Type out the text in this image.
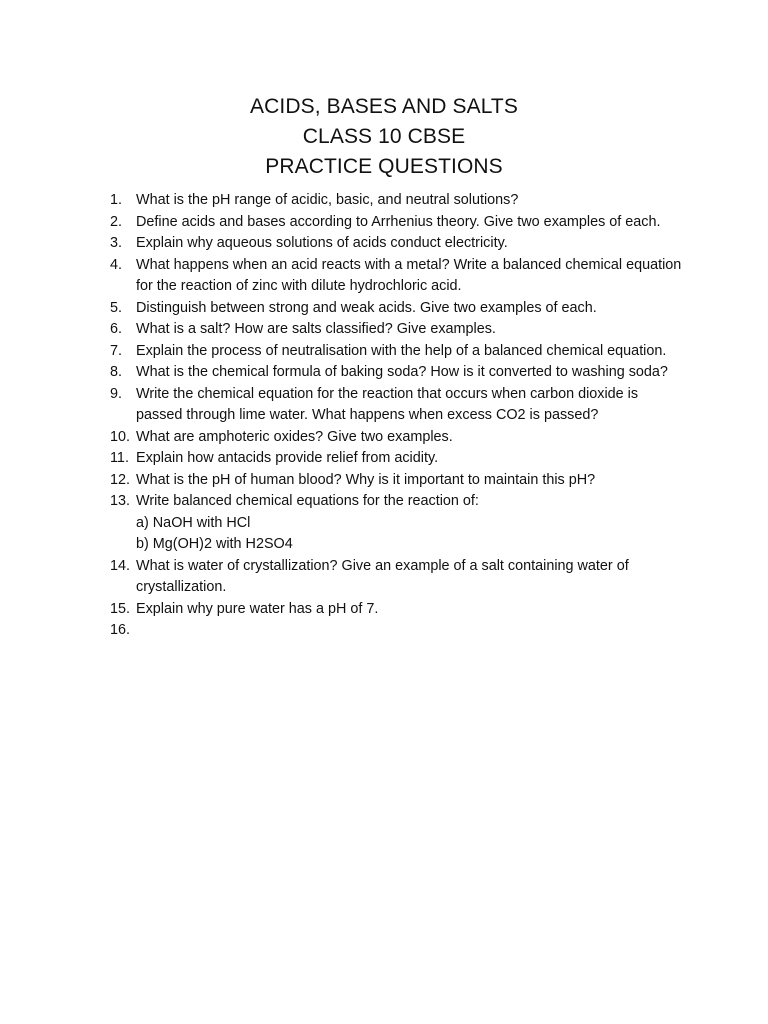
ACIDS, BASES AND SALTS
CLASS 10 CBSE
PRACTICE QUESTIONS
1. What is the pH range of acidic, basic, and neutral solutions?
2. Define acids and bases according to Arrhenius theory. Give two examples of each.
3. Explain why aqueous solutions of acids conduct electricity.
4. What happens when an acid reacts with a metal? Write a balanced chemical equation for the reaction of zinc with dilute hydrochloric acid.
5. Distinguish between strong and weak acids. Give two examples of each.
6. What is a salt? How are salts classified? Give examples.
7. Explain the process of neutralisation with the help of a balanced chemical equation.
8. What is the chemical formula of baking soda? How is it converted to washing soda?
9. Write the chemical equation for the reaction that occurs when carbon dioxide is passed through lime water. What happens when excess CO2 is passed?
10. What are amphoteric oxides? Give two examples.
11. Explain how antacids provide relief from acidity.
12. What is the pH of human blood? Why is it important to maintain this pH?
13. Write balanced chemical equations for the reaction of:
a) NaOH with HCl
b) Mg(OH)2 with H2SO4
14. What is water of crystallization? Give an example of a salt containing water of crystallization.
15. Explain why pure water has a pH of 7.
16.
